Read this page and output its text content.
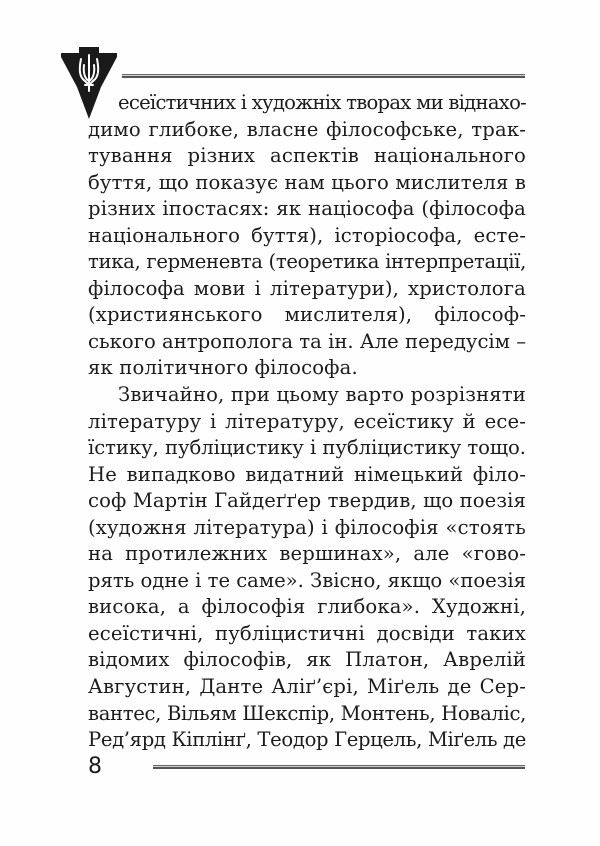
есеїстичних і художніх творах ми віднахо-
димо глибоке, власне філософське, трак-
тування різних аспектів національного
буття, що показує нам цього мислителя в
різних іпостасях: як націософа (філософа
національного буття), історіософа, есте-
тика, герменевта (теоретика інтерпретації,
філософа мови і літератури), христолога
(християнського мислителя), філософ-
ського антрополога та ін. Але передусім –
як політичного філософа.
Звичайно, при цьому варто розрізняти
літературу і літературу, есеїстику й есе-
їстику, публіцистику і публіцистику тощо.
Не випадково видатний німецький філо-
соф Мартін Гайдеґґер твердив, що поезія
(художня література) і філософія «стоять
на протилежних вершинах», але «гово-
рять одне і те саме». Звісно, якщо «поезія
висока, а філософія глибока». Художні,
есеїстичні, публіцистичні досвіди таких
відомих філософів, як Платон, Аврелій
Августин, Данте Аліґ’єрі, Міґель де Сер-
вантес, Вільям Шекспір, Монтень, Новаліс,
Ред’ярд Кіплінґ, Теодор Герцель, Міґель де
8
